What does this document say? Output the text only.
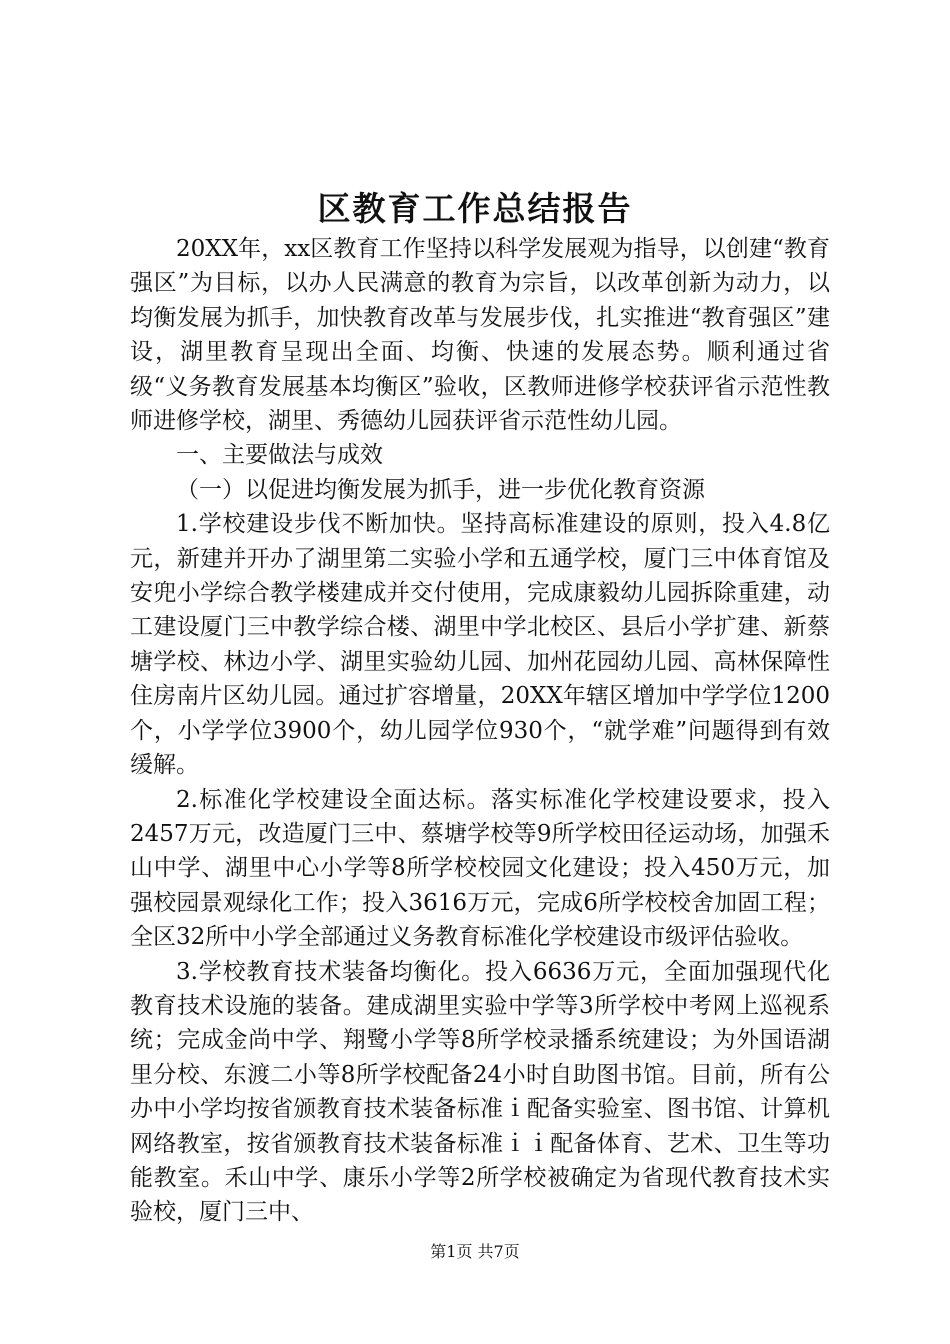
区教育工作总结报告

20XX年，xx区教育工作坚持以科学发展观为指导，以创建“教育强区”为目标，以办人民满意的教育为宗旨，以改革创新为动力，以均衡发展为抓手，加快教育改革与发展步伐，扎实推进“教育强区”建设，湖里教育呈现出全面、均衡、快速的发展态势。顺利通过省级“义务教育发展基本均衡区”验收，区教师进修学校获评省示范性教师进修学校，湖里、秀德幼儿园获评省示范性幼儿园。

一、主要做法与成效

（一）以促进均衡发展为抓手，进一步优化教育资源

1.学校建设步伐不断加快。坚持高标准建设的原则，投入4.8亿元，新建并开办了湖里第二实验小学和五通学校，厦门三中体育馆及安兜小学综合教学楼建成并交付使用，完成康毅幼儿园拆除重建，动工建设厦门三中教学综合楼、湖里中学北校区、县后小学扩建、新蔡塘学校、林边小学、湖里实验幼儿园、加州花园幼儿园、高林保障性住房南片区幼儿园。通过扩容增量，20XX年辖区增加中学学位1200个，小学学位3900个，幼儿园学位930个，“就学难”问题得到有效缓解。

2.标准化学校建设全面达标。落实标准化学校建设要求，投入2457万元，改造厦门三中、蔡塘学校等9所学校田径运动场，加强禾山中学、湖里中心小学等8所学校校园文化建设；投入450万元，加强校园景观绿化工作；投入3616万元，完成6所学校校舍加固工程；全区32所中小学全部通过义务教育标准化学校建设市级评估验收。

3.学校教育技术装备均衡化。投入6636万元，全面加强现代化教育技术设施的装备。建成湖里实验中学等3所学校中考网上巡视系统；完成金尚中学、翔鹭小学等8所学校录播系统建设；为外国语湖里分校、东渡二小等8所学校配备24小时自助图书馆。目前，所有公办中小学均按省颁教育技术装备标准ｉ配备实验室、图书馆、计算机网络教室，按省颁教育技术装备标准ｉｉ配备体育、艺术、卫生等功能教室。禾山中学、康乐小学等2所学校被确定为省现代教育技术实验校，厦门三中、

第1页 共7页
